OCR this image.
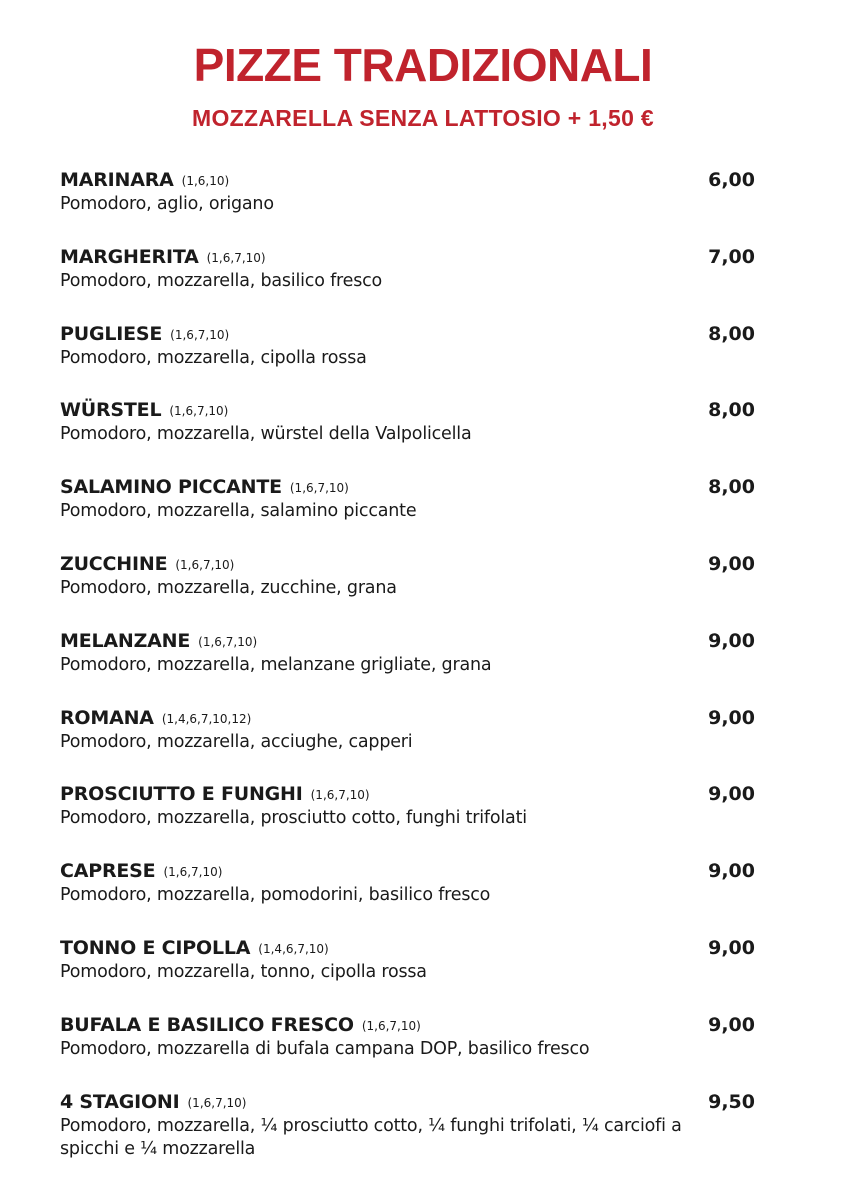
PIZZE TRADIZIONALI
MOZZARELLA SENZA LATTOSIO + 1,50 €
MARINARA (1,6,10)
Pomodoro, aglio, origano
6,00
MARGHERITA (1,6,7,10)
Pomodoro, mozzarella, basilico fresco
7,00
PUGLIESE (1,6,7,10)
Pomodoro, mozzarella, cipolla rossa
8,00
WÜRSTEL (1,6,7,10)
Pomodoro, mozzarella, würstel della Valpolicella
8,00
SALAMINO PICCANTE (1,6,7,10)
Pomodoro, mozzarella, salamino piccante
8,00
ZUCCHINE (1,6,7,10)
Pomodoro, mozzarella, zucchine, grana
9,00
MELANZANE (1,6,7,10)
Pomodoro, mozzarella, melanzane grigliate, grana
9,00
ROMANA (1,4,6,7,10,12)
Pomodoro, mozzarella, acciughe, capperi
9,00
PROSCIUTTO E FUNGHI (1,6,7,10)
Pomodoro, mozzarella, prosciutto cotto, funghi trifolati
9,00
CAPRESE (1,6,7,10)
Pomodoro, mozzarella, pomodorini, basilico fresco
9,00
TONNO E CIPOLLA (1,4,6,7,10)
Pomodoro, mozzarella, tonno, cipolla rossa
9,00
BUFALA E BASILICO FRESCO (1,6,7,10)
Pomodoro, mozzarella di bufala campana DOP, basilico fresco
9,00
4 STAGIONI (1,6,7,10)
Pomodoro, mozzarella, ¼ prosciutto cotto, ¼ funghi trifolati, ¼ carciofi a spicchi e ¼ mozzarella
9,50
